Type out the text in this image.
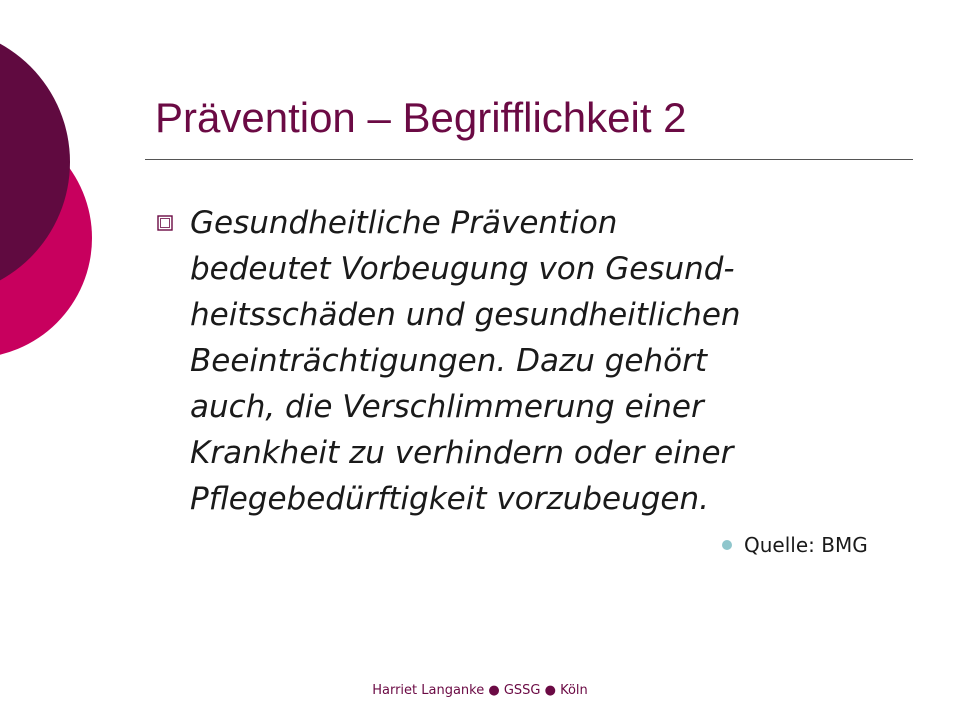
Prävention – Begrifflichkeit 2
Gesundheitliche Prävention
bedeutet Vorbeugung von Gesund-
heitsschäden und gesundheitlichen
Beeinträchtigungen. Dazu gehört
auch, die Verschlimmerung einer
Krankheit zu verhindern oder einer
Pflegebedürftigkeit vorzubeugen.
Quelle: BMG
Harriet Langanke ● GSSG ● Köln
